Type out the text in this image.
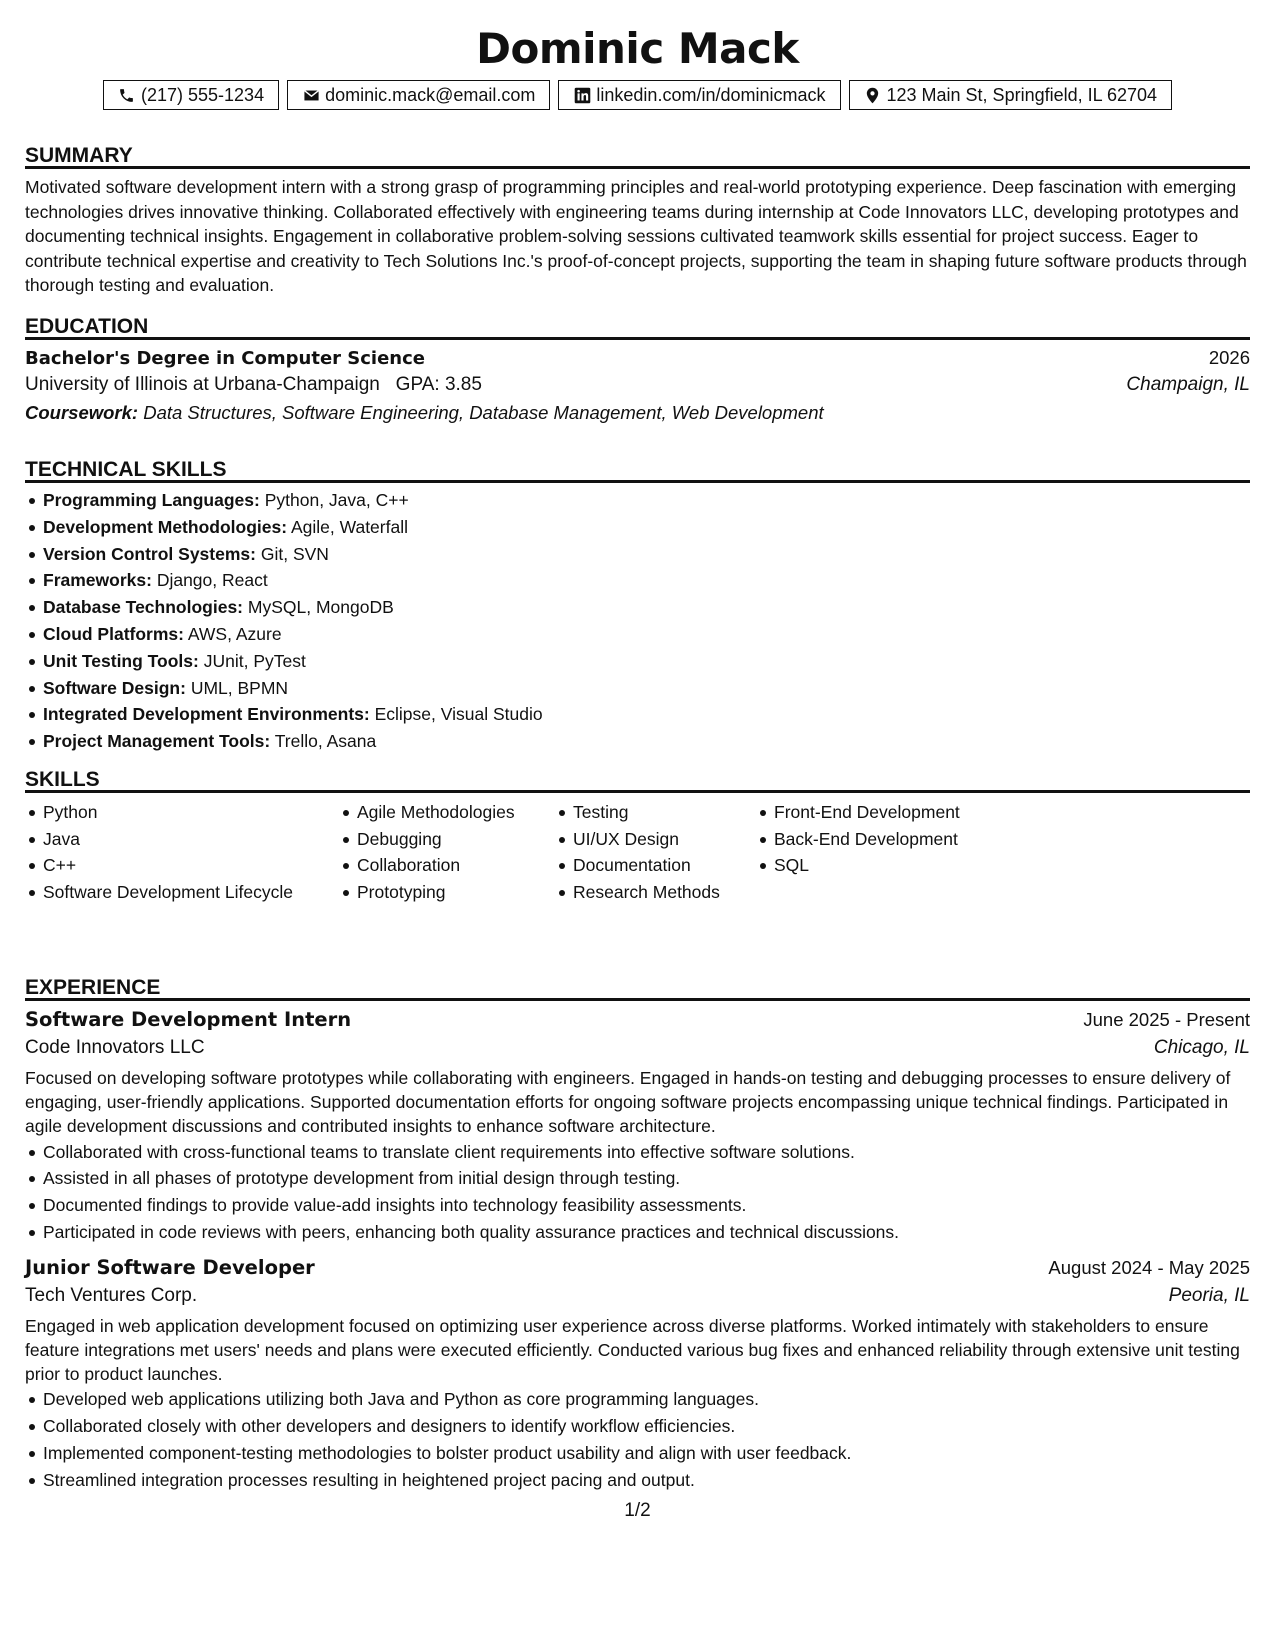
Dominic Mack
(217) 555-1234	dominic.mack@email.com	linkedin.com/in/dominicmack	123 Main St, Springfield, IL 62704
SUMMARY
Motivated software development intern with a strong grasp of programming principles and real-world prototyping experience. Deep fascination with emerging technologies drives innovative thinking. Collaborated effectively with engineering teams during internship at Code Innovators LLC, developing prototypes and documenting technical insights. Engagement in collaborative problem-solving sessions cultivated teamwork skills essential for project success. Eager to contribute technical expertise and creativity to Tech Solutions Inc.'s proof-of-concept projects, supporting the team in shaping future software products through thorough testing and evaluation.
EDUCATION
Bachelor's Degree in Computer Science	2026
University of Illinois at Urbana-Champaign GPA: 3.85	Champaign, IL
Coursework: Data Structures, Software Engineering, Database Management, Web Development
TECHNICAL SKILLS
Programming Languages: Python, Java, C++
Development Methodologies: Agile, Waterfall
Version Control Systems: Git, SVN
Frameworks: Django, React
Database Technologies: MySQL, MongoDB
Cloud Platforms: AWS, Azure
Unit Testing Tools: JUnit, PyTest
Software Design: UML, BPMN
Integrated Development Environments: Eclipse, Visual Studio
Project Management Tools: Trello, Asana
SKILLS
Python
Java
C++
Software Development Lifecycle
Agile Methodologies
Debugging
Collaboration
Prototyping
Testing
UI/UX Design
Documentation
Research Methods
Front-End Development
Back-End Development
SQL
EXPERIENCE
Software Development Intern	June 2025 - Present
Code Innovators LLC	Chicago, IL
Focused on developing software prototypes while collaborating with engineers. Engaged in hands-on testing and debugging processes to ensure delivery of engaging, user-friendly applications. Supported documentation efforts for ongoing software projects encompassing unique technical findings. Participated in agile development discussions and contributed insights to enhance software architecture.
Collaborated with cross-functional teams to translate client requirements into effective software solutions.
Assisted in all phases of prototype development from initial design through testing.
Documented findings to provide value-add insights into technology feasibility assessments.
Participated in code reviews with peers, enhancing both quality assurance practices and technical discussions.
Junior Software Developer	August 2024 - May 2025
Tech Ventures Corp.	Peoria, IL
Engaged in web application development focused on optimizing user experience across diverse platforms. Worked intimately with stakeholders to ensure feature integrations met users' needs and plans were executed efficiently. Conducted various bug fixes and enhanced reliability through extensive unit testing prior to product launches.
Developed web applications utilizing both Java and Python as core programming languages.
Collaborated closely with other developers and designers to identify workflow efficiencies.
Implemented component-testing methodologies to bolster product usability and align with user feedback.
Streamlined integration processes resulting in heightened project pacing and output.
1/2
